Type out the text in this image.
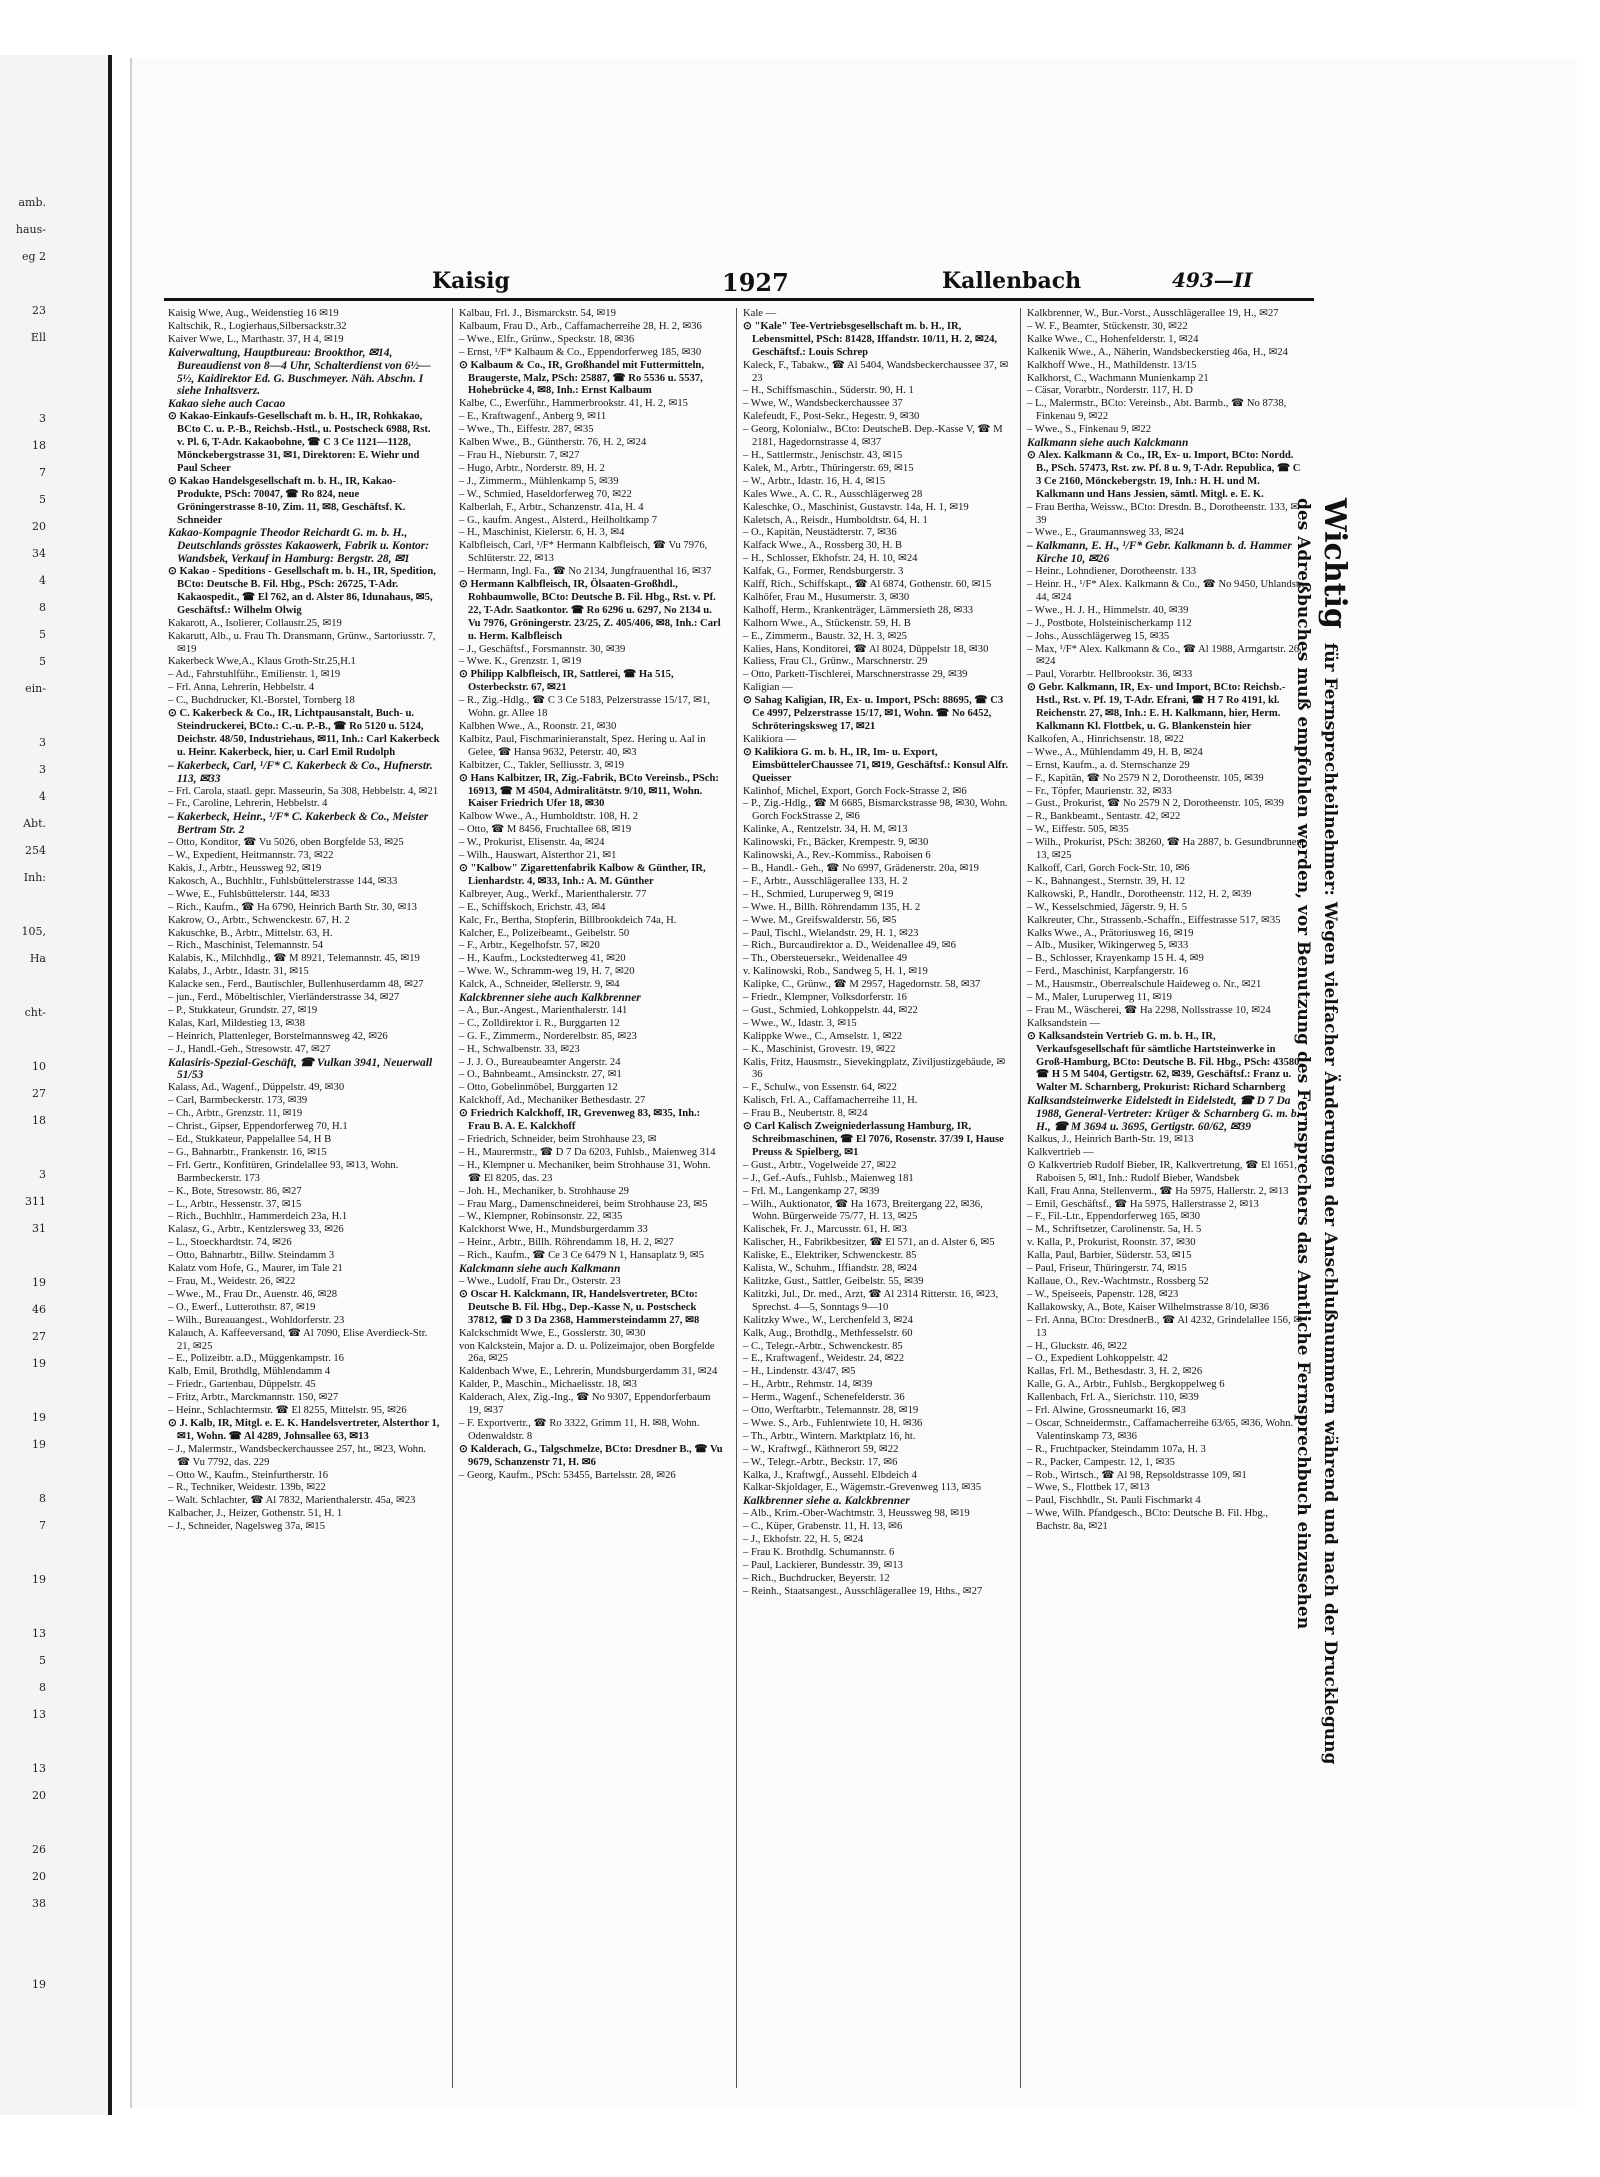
amb.
haus-
eg 2
23
Ell
3
18
7
5
20
34
4
8
5
5
ein-
3
3
4
Abt.
254
Inh:
105,
Ha
cht-
10
27
18
3
311
31
19
46
27
19
19
19
8
7
19
13
5
8
13
13
20
26
20
38
19
Kaisig	1927	Kallenbach	493—II

Kaisig Wwe, Aug., Weidenstieg 16 ✉19

Kaltschik, R., Logierhaus,Silbersackstr.32

Kaiver Wwe, L., Marthastr. 37, H 4, ✉19

Kaiverwaltung, Hauptbureau: Brookthor, ✉14, Bureaudienst von 8—4 Uhr, Schalterdienst von 6½—5½, Kaidirektor Ed. G. Buschmeyer. Näh. Abschn. I siehe Inhaltsverz.

Kakao siehe auch Cacao

⊙ Kakao-Einkaufs-Gesellschaft m. b. H., IR, Rohkakao, BCto C. u. P.-B., Reichsb.-Hstl., u. Postscheck 6988, Rst. v. Pl. 6, T-Adr. Kakaobohne, ☎ C 3 Ce 1121—1128, Mönckebergstrasse 31, ✉1, Direktoren: E. Wiehr und Paul Scheer

⊙ Kakao Handelsgesellschaft m. b. H., IR, Kakao-Produkte, PSch: 70047, ☎ Ro 824, neue Gröningerstrasse 8-10, Zim. 11, ✉8, Geschäftsf. K. Schneider

Kakao-Kompagnie Theodor Reichardt G. m. b. H., Deutschlands grösstes Kakaowerk, Fabrik u. Kontor: Wandsbek, Verkauf in Hamburg: Bergstr. 28, ✉1

⊙ Kakao - Speditions - Gesellschaft m. b. H., IR, Spedition, BCto: Deutsche B. Fil. Hbg., PSch: 26725, T-Adr. Kakaospedit., ☎ El 762, an d. Alster 86, Idunahaus, ✉5, Geschäftsf.: Wilhelm Olwig

Kakarott, A., Isolierer, Collaustr.25, ✉19

Kakarutt, Alb., u. Frau Th. Dransmann, Grünw., Sartoriusstr. 7, ✉19

Kakerbeck Wwe,A., Klaus Groth-Str.25,H.1

– Ad., Fahrstuhlführ., Emilienstr. 1, ✉19

– Frl. Anna, Lehrerin, Hebbelstr. 4

– C., Buchdrucker, Kl.-Borstel, Tornberg 18

⊙ C. Kakerbeck & Co., IR, Lichtpausanstalt, Buch- u. Steindruckerei, BCto.: C.-u. P.-B., ☎ Ro 5120 u. 5124, Deichstr. 48/50, Industriehaus, ✉11, Inh.: Carl Kakerbeck u. Heinr. Kakerbeck, hier, u. Carl Emil Rudolph

– Kakerbeck, Carl, ¹/F* C. Kakerbeck & Co., Hufnerstr. 113, ✉33

– Frl. Carola, staatl. gepr. Masseurin, Sa 308, Hebbelstr. 4, ✉21

– Fr., Caroline, Lehrerin, Hebbelstr. 4

– Kakerbeck, Heinr., ¹/F* C. Kakerbeck & Co., Meister Bertram Str. 2

– Otto, Konditor, ☎ Vu 5026, oben Borgfelde 53, ✉25

– W., Expedient, Heitmannstr. 73, ✉22

Kakis, J., Arbtr., Heussweg 92, ✉19

Kakosch, A., Buchhltr., Fuhlsbüttelerstrasse 144, ✉33

– Wwe, E., Fuhlsbüttelerstr. 144, ✉33

– Rich., Kaufm., ☎ Ha 6790, Heinrich Barth Str. 30, ✉13

Kakrow, O., Arbtr., Schwenckestr. 67, H. 2

Kakuschke, B., Arbtr., Mittelstr. 63, H.

– Rich., Maschinist, Telemannstr. 54

Kalabis, K., Milchhdlg., ☎ M 8921, Telemannstr. 45, ✉19

Kalabs, J., Arbtr., Idastr. 31, ✉15

Kalacke sen., Ferd., Bautischler, Bullenhuserdamm 48, ✉27

– jun., Ferd., Möbeltischler, Vierländerstrasse 34, ✉27

– P., Stukkateur, Grundstr. 27, ✉19

Kalas, Karl, Mildestieg 13, ✉38

– Heinrich, Plattenleger, Borstelmannsweg 42, ✉26

– J., Handl.-Geh., Stresowstr. 47, ✉27

Kalasiris-Spezial-Geschäft, ☎ Vulkan 3941, Neuerwall 51/53

Kalass, Ad., Wagenf., Düppelstr. 49, ✉30

– Carl, Barmbeckerstr. 173, ✉39

– Ch., Arbtr., Grenzstr. 11, ✉19

– Christ., Gipser, Eppendorferweg 70, H.1

– Ed., Stukkateur, Pappelallee 54, H B

– G., Bahnarbtr., Frankenstr. 16, ✉15

– Frl. Gertr., Konfitüren, Grindelallee 93, ✉13, Wohn. Barmbeckerstr. 173

– K., Bote, Stresowstr. 86, ✉27

– L., Arbtr., Hessenstr. 37, ✉15

– Rich., Buchhltr., Hammerdeich 23a, H.1

Kalasz, G., Arbtr., Kentzlersweg 33, ✉26

– L., Stoeckhardtstr. 74, ✉26

– Otto, Bahnarbtr., Billw. Steindamm 3

Kalatz vom Hofe, G., Maurer, im Tale 21

– Frau, M., Weidestr. 26, ✉22

– Wwe., M., Frau Dr., Auenstr. 46, ✉28

– O., Ewerf., Lutterothstr. 87, ✉19

– Wilh., Bureauangest., Wohldorferstr. 23

Kalauch, A. Kaffeeversand, ☎ Al 7090, Elise Averdieck-Str. 21, ✉25

– E., Polizeibtr. a.D., Müggenkampstr. 16

Kalb, Emil, Brothdlg, Mühlendamm 4

– Friedr., Gartenbau, Düppelstr. 45

– Fritz, Arbtr., Marckmannstr. 150, ✉27

– Heinr., Schlachtermstr. ☎ El 8255, Mittelstr. 95, ✉26

⊙ J. Kalb, IR, Mitgl. e. E. K. Handelsvertreter, Alsterthor 1, ✉1, Wohn. ☎ Al 4289, Johnsallee 63, ✉13

– J., Malermstr., Wandsbeckerchaussee 257, ht., ✉23, Wohn. ☎ Vu 7792, das. 229

– Otto W., Kaufm., Steinfurtherstr. 16

– R., Techniker, Weidestr. 139b, ✉22

– Walt. Schlachter, ☎ Al 7832, Marienthalerstr. 45a, ✉23

Kalbacher, J., Heizer, Gothenstr. 51, H. 1

– J., Schneider, Nagelsweg 37a, ✉15

Kalbau, Frl. J., Bismarckstr. 54, ✉19

Kalbaum, Frau D., Arb., Caffamacherreihe 28, H. 2, ✉36

– Wwe., Elfr., Grünw., Speckstr. 18, ✉36

– Ernst, ¹/F* Kalbaum & Co., Eppendorferweg 185, ✉30

⊙ Kalbaum & Co., IR, Großhandel mit Futtermitteln, Braugerste, Malz, PSch: 25887, ☎ Ro 5536 u. 5537, Hohebrücke 4, ✉8, Inh.: Ernst Kalbaum

Kalbe, C., Ewerführ., Hammerbrookstr. 41, H. 2, ✉15

– E., Kraftwagenf., Anberg 9, ✉11

– Wwe., Th., Eiffestr. 287, ✉35

Kalben Wwe., B., Güntherstr. 76, H. 2, ✉24

– Frau H., Nieburstr. 7, ✉27

– Hugo, Arbtr., Norderstr. 89, H. 2

– J., Zimmerm., Mühlenkamp 5, ✉39

– W., Schmied, Haseldorferweg 70, ✉22

Kalberlah, F., Arbtr., Schanzenstr. 41a, H. 4

– G., kaufm. Angest., Alsterd., Heilholtkamp 7

– H., Maschinist, Kielerstr. 6, H. 3, ✉4

Kalbfleisch, Carl, ¹/F* Hermann Kalbfleisch, ☎ Vu 7976, Schlüterstr. 22, ✉13

– Hermann, Ingl. Fa., ☎ No 2134, Jungfrauenthal 16, ✉37

⊙ Hermann Kalbfleisch, IR, Ölsaaten-Großhdl., Rohbaumwolle, BCto: Deutsche B. Fil. Hbg., Rst. v. Pf. 22, T-Adr. Saatkontor. ☎ Ro 6296 u. 6297, No 2134 u. Vu 7976, Gröningerstr. 23/25, Z. 405/406, ✉8, Inh.: Carl u. Herm. Kalbfleisch

– J., Geschäftsf., Forsmannstr. 30, ✉39

– Wwe. K., Grenzstr. 1, ✉19

⊙ Philipp Kalbfleisch, IR, Sattlerei, ☎ Ha 515, Osterbeckstr. 67, ✉21

– R., Zig.-Hdlg., ☎ C 3 Ce 5183, Pelzerstrasse 15/17, ✉1, Wohn. gr. Allee 18

Kalbhen Wwe., A., Roonstr. 21, ✉30

Kalbitz, Paul, Fischmarinieranstalt, Spez. Hering u. Aal in Gelee, ☎ Hansa 9632, Peterstr. 40, ✉3

Kalbitzer, C., Takler, Selliusstr. 3, ✉19

⊙ Hans Kalbitzer, IR, Zig.-Fabrik, BCto Vereinsb., PSch: 16913, ☎ M 4504, Admiralitätstr. 9/10, ✉11, Wohn. Kaiser Friedrich Ufer 18, ✉30

Kalbow Wwe., A., Humboldtstr. 108, H. 2

– Otto, ☎ M 8456, Fruchtallee 68, ✉19

– W., Prokurist, Elisenstr. 4a, ✉24

– Wilh., Hauswart, Alsterthor 21, ✉1

⊙ "Kalbow" Zigarettenfabrik Kalbow & Günther, IR, Lienhardstr. 4, ✉33, Inh.: A. M. Günther

Kalbreyer, Aug., Werkf., Marienthalerstr. 77

– E., Schiffskoch, Erichstr. 43, ✉4

Kalc, Fr., Bertha, Stopferin, Billbrookdeich 74a, H.

Kalcher, E., Polizeibeamt., Geibelstr. 50

– F., Arbtr., Kegelhofstr. 57, ✉20

– H., Kaufm., Lockstedterweg 41, ✉20

– Wwe. W., Schramm-weg 19, H. 7, ✉20

Kalck, A., Schneider, ✉ellerstr. 9, ✉4

Kalckbrenner siehe auch Kalkbrenner

– A., Bur.-Angest., Marienthalerstr. 141

– C., Zolldirektor i. R., Burggarten 12

– G. F., Zimmerm., Norderelbstr. 85, ✉23

– H., Schwalbenstr. 33, ✉23

– J. J. O., Bureaubeamter Angerstr. 24

– O., Bahnbeamt., Amsinckstr. 27, ✉1

– Otto, Gobelinmöbel, Burggarten 12

Kalckhoff, Ad., Mechaniker Bethesdastr. 27

⊙ Friedrich Kalckhoff, IR, Grevenweg 83, ✉35, Inh.: Frau B. A. E. Kalckhoff

– Friedrich, Schneider, beim Strohhause 23, ✉

– H., Maurermstr., ☎ D 7 Da 6203, Fuhlsb., Maienweg 314

– H., Klempner u. Mechaniker, beim Strohhause 31, Wohn. ☎ El 8205, das. 23

– Joh. H., Mechaniker, b. Strohhause 29

– Frau Marg., Damenschneiderei, beim Strohhause 23, ✉5

– W., Klempner, Robinsonstr. 22, ✉35

Kalckhorst Wwe, H., Mundsburgerdamm 33

– Heinr., Arbtr., Billh. Röhrendamm 18, H. 2, ✉27

– Rich., Kaufm., ☎ Ce 3 Ce 6479 N 1, Hansaplatz 9, ✉5

Kalckmann siehe auch Kalkmann

– Wwe., Ludolf, Frau Dr., Osterstr. 23

⊙ Oscar H. Kalckmann, IR, Handelsvertreter, BCto: Deutsche B. Fil. Hbg., Dep.-Kasse N, u. Postscheck 37812, ☎ D 3 Da 2368, Hammersteindamm 27, ✉8

Kalckschmidt Wwe, E., Gosslerstr. 30, ✉30

von Kalckstein, Major a. D. u. Polizeimajor, oben Borgfelde 26a, ✉25

Kaldenbach Wwe, E., Lehrerin, Mundsburgerdamm 31, ✉24

Kalder, P., Maschin., Michaelisstr. 18, ✉3

Kalderach, Alex, Zig.-Ing., ☎ No 9307, Eppendorferbaum 19, ✉37

– F. Exportvertr., ☎ Ro 3322, Grimm 11, H. ✉8, Wohn. Odenwaldstr. 8

⊙ Kalderach, G., Talgschmelze, BCto: Dresdner B., ☎ Vu 9679, Schanzenstr 71, H. ✉6

– Georg, Kaufm., PSch: 53455, Bartelsstr. 28, ✉26

Kale —

⊙ "Kale" Tee-Vertriebsgesellschaft m. b. H., IR, Lebensmittel, PSch: 81428, Iffandstr. 10/11, H. 2, ✉24, Geschäftsf.: Louis Schrep

Kaleck, F., Tabakw., ☎ Al 5404, Wandsbeckerchaussee 37, ✉23

– H., Schiffsmaschin., Süderstr. 90, H. 1

– Wwe, W., Wandsbeckerchaussee 37

Kalefeudt, F., Post-Sekr., Hegestr. 9, ✉30

– Georg, Kolonialw., BCto: DeutscheB. Dep.-Kasse V, ☎ M 2181, Hagedornstrasse 4, ✉37

– H., Sattlermstr., Jenischstr. 43, ✉15

Kalek, M., Arbtr., Thüringerstr. 69, ✉15

– W., Arbtr., Idastr. 16, H. 4, ✉15

Kales Wwe., A. C. R., Ausschlägerweg 28

Kaleschke, O., Maschinist, Gustavstr. 14a, H. 1, ✉19

Kaletsch, A., Reisdr., Humboldtstr. 64, H. 1

– O., Kapitän, Neustädterstr. 7, ✉36

Kalfack Wwe., A., Rossberg 30, H. B

– H., Schlosser, Ekhofstr. 24, H. 10, ✉24

Kalfak, G., Former, Rendsburgerstr. 3

Kalff, Rich., Schiffskapt., ☎ Al 6874, Gothenstr. 60, ✉15

Kalhöfer, Frau M., Husumerstr. 3, ✉30

Kalhoff, Herm., Krankenträger, Lämmersieth 28, ✉33

Kalhorn Wwe., A., Stückenstr. 59, H. B

– E., Zimmerm., Baustr. 32, H. 3, ✉25

Kalies, Hans, Konditorei, ☎ Al 8024, Düppelstr 18, ✉30

Kaliess, Frau Cl., Grünw., Marschnerstr. 29

– Otto, Parkett-Tischlerei, Marschnerstrasse 29, ✉39

Kaligian —

⊙ Sahag Kaligian, IR, Ex- u. Import, PSch: 88695, ☎ C3 Ce 4997, Pelzerstrasse 15/17, ✉1, Wohn. ☎ No 6452, Schröteringsksweg 17, ✉21

Kalikiora —

⊙ Kalikiora G. m. b. H., IR, Im- u. Export, EimsbüttelerChaussee 71, ✉19, Geschäftsf.: Konsul Alfr. Queisser

Kalinhof, Michel, Export, Gorch Fock-Strasse 2, ✉6

– P., Zig.-Hdlg., ☎ M 6685, Bismarckstrasse 98, ✉30, Wohn. Gorch FockStrasse 2, ✉6

Kalinke, A., Rentzelstr. 34, H. M, ✉13

Kalinowski, Fr., Bäcker, Krempestr. 9, ✉30

Kalinowski, A., Rev.-Kommiss., Raboisen 6

– B., Handl.- Geh., ☎ No 6997, Grädenerstr. 20a, ✉19

– F., Arbtr., Ausschlägerallee 133, H. 2

– H., Schmied, Luruperweg 9, ✉19

– Wwe. H., Billh. Röhrendamm 135, H. 2

– Wwe. M., Greifswalderstr. 56, ✉5

– Paul, Tischl., Wielandstr. 29, H. 1, ✉23

– Rich., Burcaudirektor a. D., Weidenallee 49, ✉6

– Th., Obersteuersekr., Weidenallee 49

v. Kalinowski, Rob., Sandweg 5, H. 1, ✉19

Kalipke, C., Grünw., ☎ M 2957, Hagedornstr. 58, ✉37

– Friedr., Klempner, Volksdorferstr. 16

– Gust., Schmied, Lohkoppelstr. 44, ✉22

– Wwe., W., Idastr. 3, ✉15

Kalippke Wwe., C., Amselstr. 1, ✉22

– K., Maschinist, Grovestr. 19, ✉22

Kalis, Fritz, Hausmstr., Sievekingplatz, Ziviljustizgebäude, ✉36

– F., Schulw., von Essenstr. 64, ✉22

Kalisch, Frl. A., Caffamacherreihe 11, H.

– Frau B., Neubertstr. 8, ✉24

⊙ Carl Kalisch Zweigniederlassung Hamburg, IR, Schreibmaschinen, ☎ El 7076, Rosenstr. 37/39 I, Hause Preuss & Spielberg, ✉1

– Gust., Arbtr., Vogelweide 27, ✉22

– J., Gef.-Aufs., Fuhlsb., Maienweg 181

– Frl. M., Langenkamp 27, ✉39

– Wilh., Auktionator, ☎ Ha 1673, Breitergang 22, ✉36, Wohn. Bürgerweide 75/77, H. 13, ✉25

Kalischek, Fr. J., Marcusstr. 61, H. ✉3

Kalischer, H., Fabrikbesitzer, ☎ El 571, an d. Alster 6, ✉5

Kaliske, E., Elektriker, Schwenckestr. 85

Kalista, W., Schuhm., Iffiandstr. 28, ✉24

Kalitzke, Gust., Sattler, Geibelstr. 55, ✉39

Kalitzki, Jul., Dr. med., Arzt, ☎ Al 2314 Ritterstr. 16, ✉23, Sprechst. 4—5, Sonntags 9—10

Kalitzky Wwe., W., Lerchenfeld 3, ✉24

Kalk, Aug., Brothdlg., Methfesselstr. 60

– C., Telegr.-Arbtr., Schwenckestr. 85

– E., Kraftwagenf., Weidestr. 24, ✉22

– H., Lindenstr. 43/47, ✉5

– H., Arbtr., Rehmstr. 14, ✉39

– Herm., Wagenf., Schenefelderstr. 36

– Otto, Werftarbtr., Telemannstr. 28, ✉19

– Wwe. S., Arb., Fuhlentwiete 10, H. ✉36

– Th., Arbtr., Wintern. Marktplatz 16, ht.

– W., Kraftwgf., Käthnerort 59, ✉22

– W., Telegr.-Arbtr., Beckstr. 17, ✉6

Kalka, J., Kraftwgf., Aussehl. Elbdeich 4

Kalkar-Skjoldager, E., Wägemstr.-Grevenweg 113, ✉35

Kalkbrenner siehe a. Kalckbrenner

– Alb., Krim.-Ober-Wachtmstr. 3, Heussweg 98, ✉19

– C., Küper, Grabenstr. 11, H. 13, ✉6

– J., Ekhofstr. 22, H. 5, ✉24

– Frau K. Brothdlg. Schumannstr. 6

– Paul, Lackierer, Bundesstr. 39, ✉13

– Rich., Buchdrucker, Beyerstr. 12

– Reinh., Staatsangest., Ausschlägerallee 19, Hths., ✉27

Kalkbrenner, W., Bur.-Vorst., Ausschlägerallee 19, H., ✉27

– W. F., Beamter, Stückenstr. 30, ✉22

Kalke Wwe., C., Hohenfelderstr. 1, ✉24

Kalkenik Wwe., A., Näherin, Wandsbeckerstieg 46a, H., ✉24

Kalkhoff Wwe., H., Mathildenstr. 13/15

Kalkhorst, C., Wachmann Munienkamp 21

– Cäsar, Vorarbtr., Norderstr. 117, H. D

– L., Malermstr., BCto: Vereinsb., Abt. Barmb., ☎ No 8738, Finkenau 9, ✉22

– Wwe., S., Finkenau 9, ✉22

Kalkmann siehe auch Kalckmann

⊙ Alex. Kalkmann & Co., IR, Ex- u. Import, BCto: Nordd. B., PSch. 57473, Rst. zw. Pf. 8 u. 9, T-Adr. Republica, ☎ C 3 Ce 2160, Mönckebergstr. 19, Inh.: H. H. und M. Kalkmann und Hans Jessien, sämtl. Mitgl. e. E. K.

– Frau Bertha, Weissw., BCto: Dresdn. B., Dorotheenstr. 133, ✉39

– Wwe., E., Graumannsweg 33, ✉24

– Kalkmann, E. H., ¹/F* Gebr. Kalkmann b. d. Hammer Kirche 10, ✉26

– Heinr., Lohndiener, Dorotheenstr. 133

– Heinr. H., ¹/F* Alex. Kalkmann & Co., ☎ No 9450, Uhlandstr. 44, ✉24

– Wwe., H. J. H., Himmelstr. 40, ✉39

– J., Postbote, Holsteinischerkamp 112

– Johs., Ausschlägerweg 15, ✉35

– Max, ¹/F* Alex. Kalkmann & Co., ☎ Al 1988, Armgartstr. 26, ✉24

– Paul, Vorarbtr. Hellbrookstr. 36, ✉33

⊙ Gebr. Kalkmann, IR, Ex- und Import, BCto: Reichsb.-Hstl., Rst. v. Pf. 19, T-Adr. Efrani, ☎ H 7 Ro 4191, kl. Reichenstr. 27, ✉8, Inh.: E. H. Kalkmann, hier, Herm. Kalkmann Kl. Flottbek, u. G. Blankenstein hier

Kalkofen, A., Hinrichsenstr. 18, ✉22

– Wwe., A., Mühlendamm 49, H. B, ✉24

– Ernst, Kaufm., a. d. Sternschanze 29

– F., Kapitän, ☎ No 2579 N 2, Dorotheenstr. 105, ✉39

– Fr., Töpfer, Maurienstr. 32, ✉33

– Gust., Prokurist, ☎ No 2579 N 2, Dorotheenstr. 105, ✉39

– R., Bankbeamt., Sentastr. 42, ✉22

– W., Eiffestr. 505, ✉35

– Wilh., Prokurist, PSch: 38260, ☎ Ha 2887, b. Gesundbrunnen 13, ✉25

Kalkoff, Carl, Gorch Fock-Str. 10, ✉6

– K., Bahnangest., Sternstr. 39, H. 12

Kalkowski, P., Handlr., Dorotheenstr. 112, H. 2, ✉39

– W., Kesselschmied, Jägerstr. 9, H. 5

Kalkreuter, Chr., Strassenb.-Schaffn., Eiffestrasse 517, ✉35

Kalks Wwe., A., Prätoriusweg 16, ✉19

– Alb., Musiker, Wikingerweg 5, ✉33

– B., Schlosser, Krayenkamp 15 H. 4, ✉9

– Ferd., Maschinist, Karpfangerstr. 16

– M., Hausmstr., Oberrealschule Haideweg o. Nr., ✉21

– M., Maler, Luruperweg 11, ✉19

– Frau M., Wäscherei, ☎ Ha 2298, Nollsstrasse 10, ✉24

Kalksandstein —

⊙ Kalksandstein Vertrieb G. m. b. H., IR, Verkaufsgesellschaft für sämtliche Hartsteinwerke in Groß-Hamburg, BCto: Deutsche B. Fil. Hbg., PSch: 43580, ☎ H 5 M 5404, Gertigstr. 62, ✉39, Geschäftsf.: Franz u. Walter M. Scharnberg, Prokurist: Richard Scharnberg

Kalksandsteinwerke Eidelstedt in Eidelstedt, ☎ D 7 Da 1988, General-Vertreter: Krüger & Scharnberg G. m. b. H., ☎ M 3694 u. 3695, Gertigstr. 60/62, ✉39

Kalkus, J., Heinrich Barth-Str. 19, ✉13

Kalkvertrieb —

⊙ Kalkvertrieb Rudolf Bieber, IR, Kalkvertretung, ☎ El 1651, Raboisen 5, ✉1, Inh.: Rudolf Bieber, Wandsbek

Kall, Frau Anna, Stellenverm., ☎ Ha 5975, Hallerstr. 2, ✉13

– Emil, Geschäftsf., ☎ Ha 5975, Hallerstrasse 2, ✉13

– F., Fil.-Ltr., Eppendorferweg 165, ✉30

– M., Schriftsetzer, Carolinenstr. 5a, H. 5

v. Kalla, P., Prokurist, Roonstr. 37, ✉30

Kalla, Paul, Barbier, Süderstr. 53, ✉15

– Paul, Friseur, Thüringerstr. 74, ✉15

Kallaue, O., Rev.-Wachtmstr., Rossberg 52

– W., Speiseeis, Papenstr. 128, ✉23

Kallakowsky, A., Bote, Kaiser Wilhelmstrasse 8/10, ✉36

– Frl. Anna, BCto: DresdnerB., ☎ Al 4232, Grindelallee 156, ✉13

– H., Gluckstr. 46, ✉22

– O., Expedient Lohkoppelstr. 42

Kallas, Frl. M., Bethesdastr. 3, H. 2, ✉26

Kalle, G. A., Arbtr., Fuhlsb., Bergkoppelweg 6

Kallenbach, Frl. A., Sierichstr. 110, ✉39

– Frl. Alwine, Grossneumarkt 16, ✉3

– Oscar, Schneidermstr., Caffamacherreihe 63/65, ✉36, Wohn. Valentinskamp 73, ✉36

– R., Fruchtpacker, Steindamm 107a, H. 3

– R., Packer, Campestr. 12, 1, ✉35

– Rob., Wirtsch., ☎ Al 98, Repsoldstrasse 109, ✉1

– Wwe, S., Flottbek 17, ✉13

– Paul, Fischhdlr., St. Pauli Fischmarkt 4

– Wwe, Wilh. Pfandgesch., BCto: Deutsche B. Fil. Hbg., Bachstr. 8a, ✉21

Wichtigfür Fernsprechteilnehmer: Wegen vielfacher Änderungen der Anschlußnummern während und nach der Drucklegung
des Adreßbuches muß empfohlen werden, vor Benutzung des Fernsprechers das Amtliche Fernsprechbuch einzusehen
